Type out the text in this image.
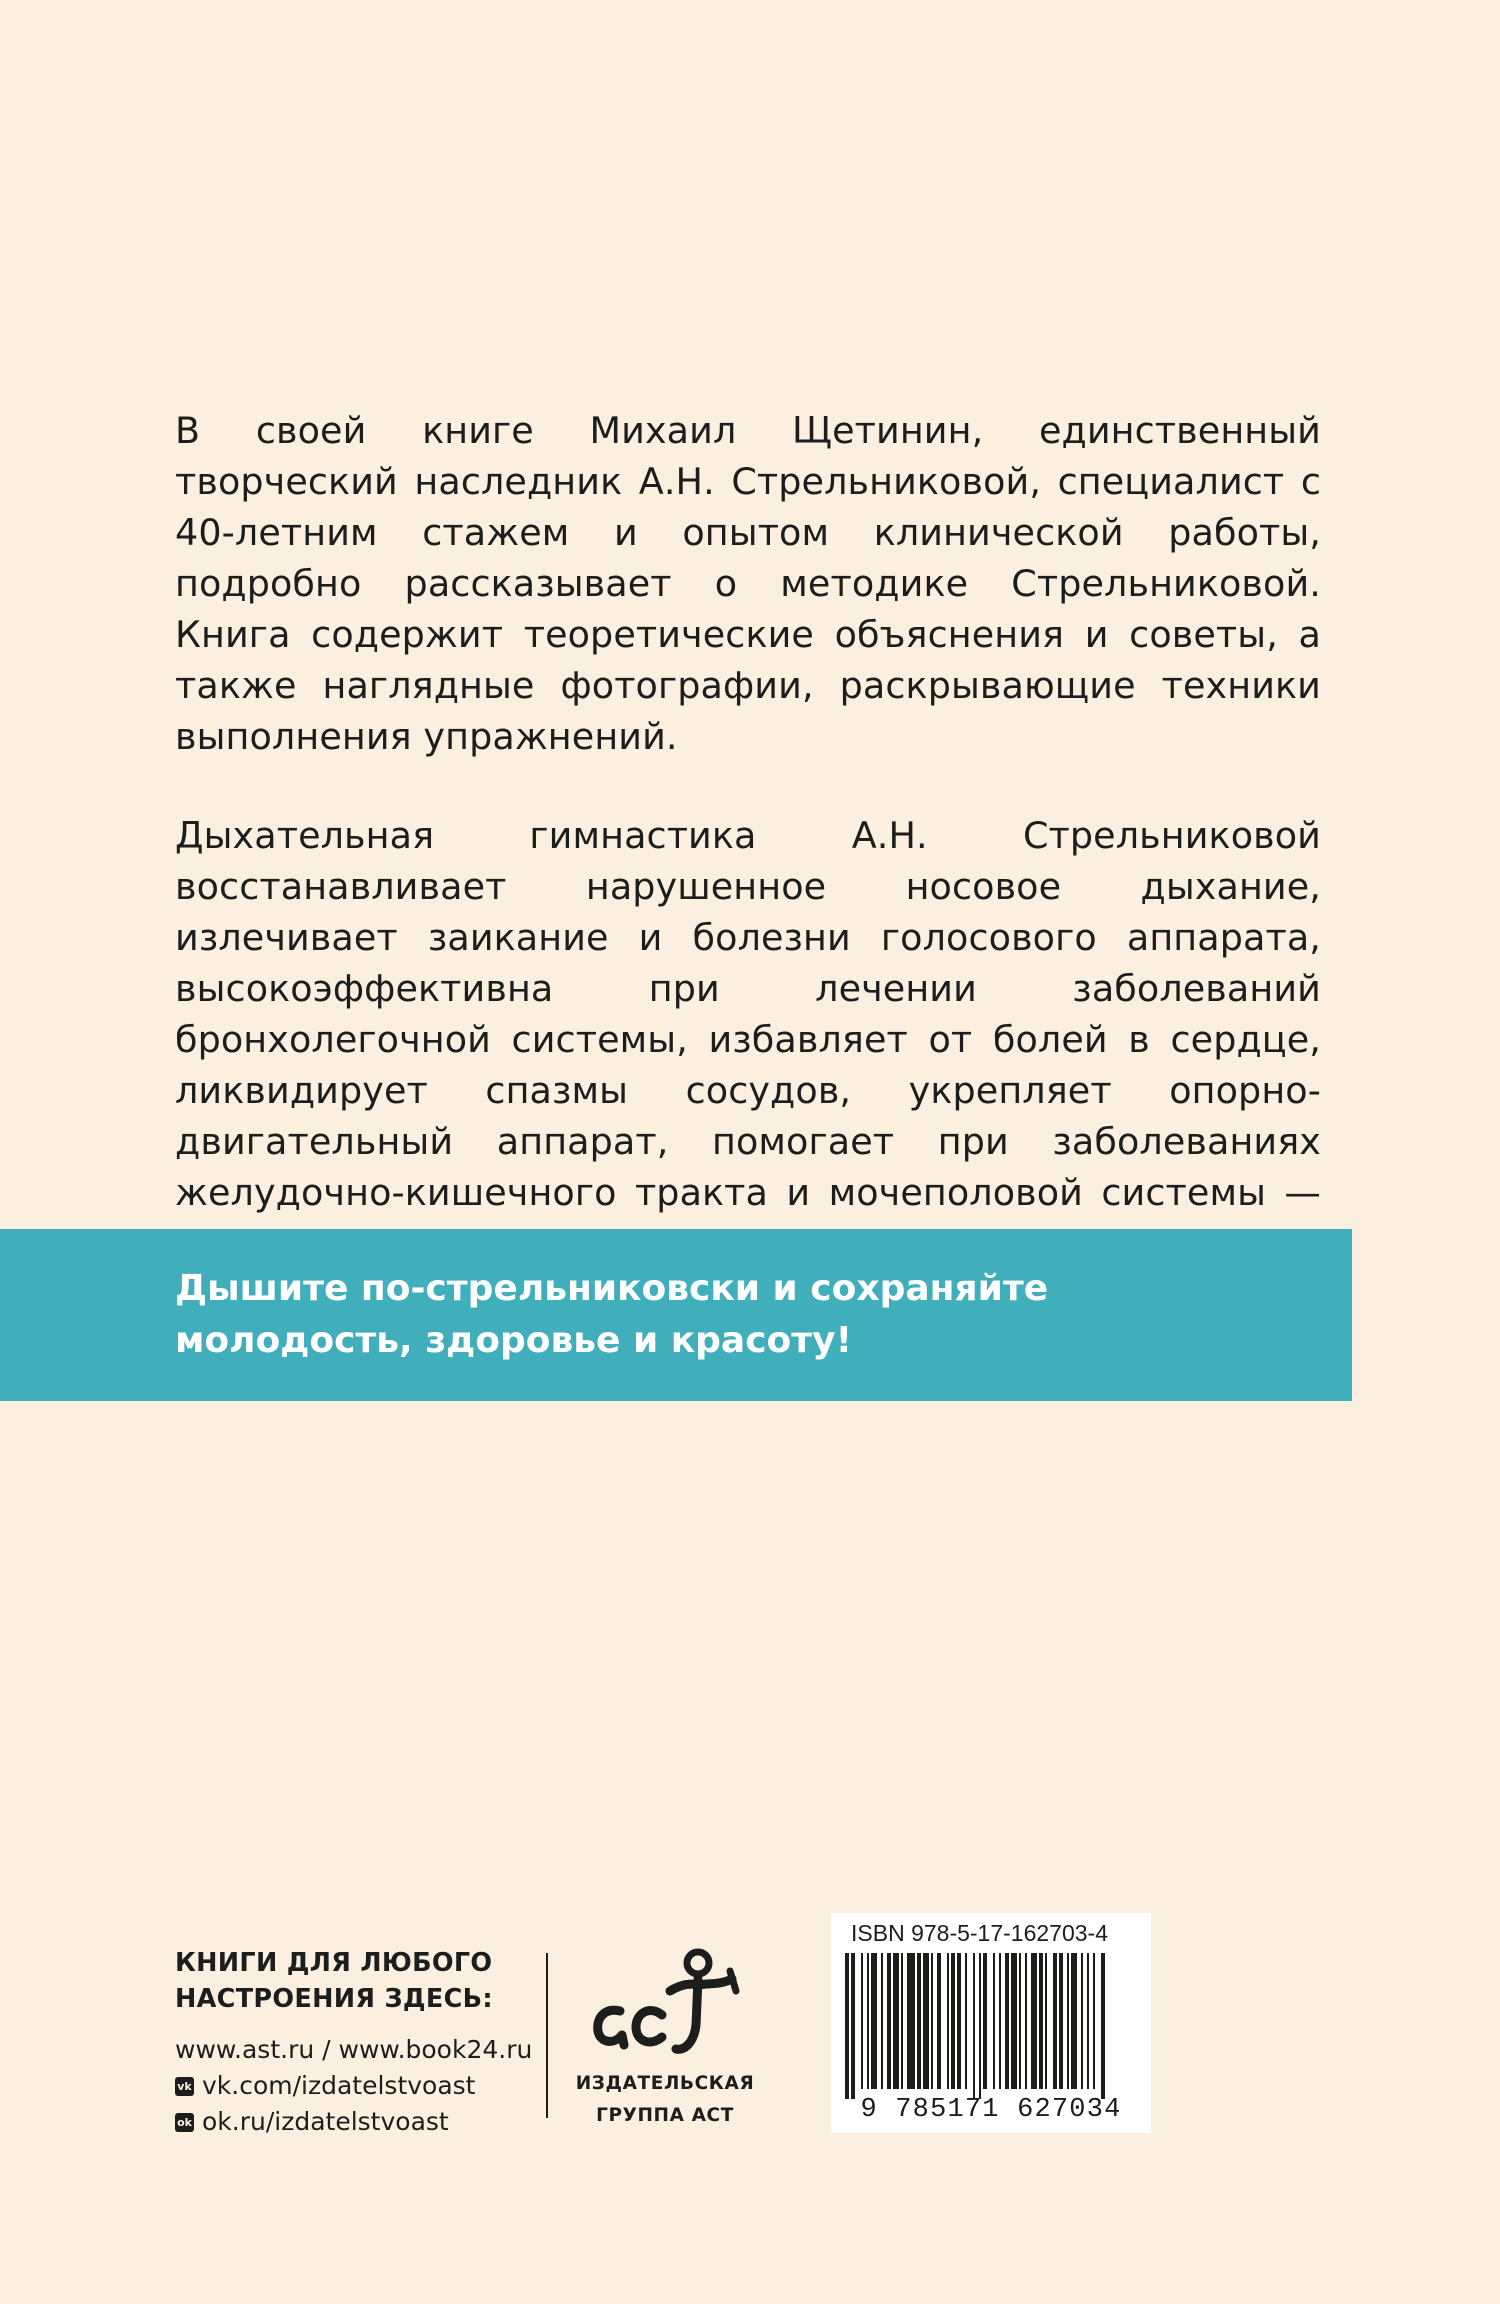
В своей книге Михаил Щетинин, единственный творческий наследник А.Н. Стрельниковой, специалист с 40-летним стажем и опытом клинической работы, подробно рассказывает о методике Стрельниковой. Книга содержит теоретические объяснения и советы, а также наглядные фотографии, раскрывающие техники выполнения упражнений.

Дыхательная гимнастика А.Н. Стрельниковой восстанавливает нарушенное носовое дыхание, излечивает заикание и болезни голосового аппарата, высокоэффективна при лечении заболеваний бронхолегочной системы, избавляет от болей в сердце, ликвидирует спазмы сосудов, укрепляет опорно-двигательный аппарат, помогает при заболеваниях желудочно-кишечного тракта и мочеполовой системы —

Дышите по-стрельниковски и сохраняйте молодость, здоровье и красоту!

КНИГИ ДЛЯ ЛЮБОГО

НАСТРОЕНИЯ ЗДЕСЬ:

www.ast.ru / www.book24.ru
vk vk.com/izdatelstvoast
ok ok.ru/izdatelstvoast
ИЗДАТЕЛЬСКАЯ
ГРУППА АСТ
ISBN 978-5-17-162703-4
9 785171 627034
